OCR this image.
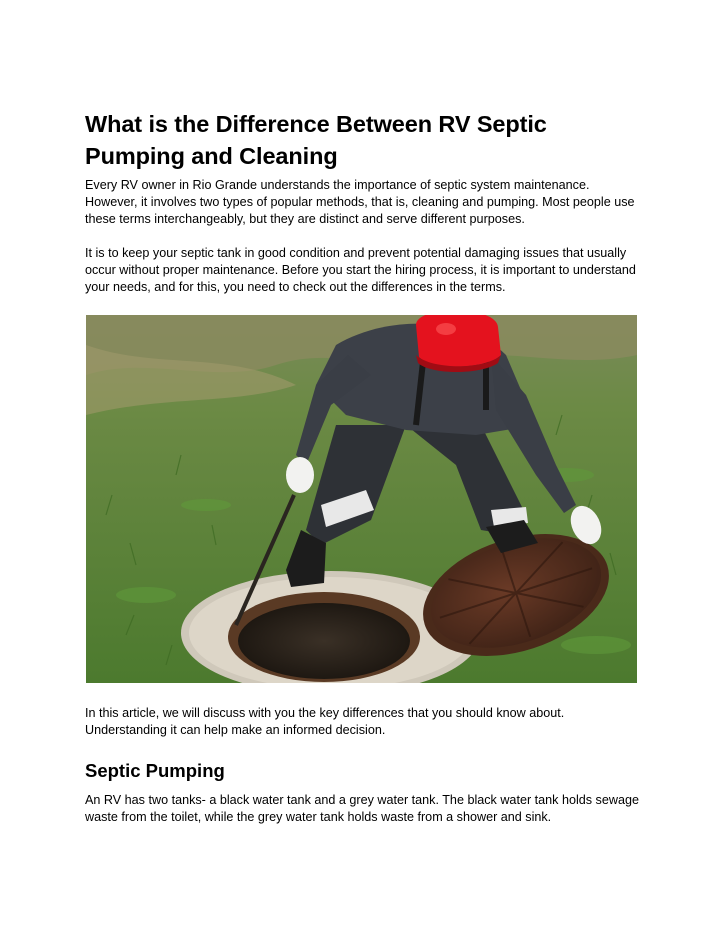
What is the Difference Between RV Septic Pumping and Cleaning

Every RV owner in Rio Grande understands the importance of septic system maintenance. However, it involves two types of popular methods, that is, cleaning and pumping. Most people use these terms interchangeably, but they are distinct and serve different purposes.

It is to keep your septic tank in good condition and prevent potential damaging issues that usually occur without proper maintenance. Before you start the hiring process, it is important to understand your needs, and for this, you need to check out the differences in the terms.

In this article, we will discuss with you the key differences that you should know about. Understanding it can help make an informed decision.

Septic Pumping

An RV has two tanks- a black water tank and a grey water tank. The black water tank holds sewage waste from the toilet, while the grey water tank holds waste from a shower and sink.
